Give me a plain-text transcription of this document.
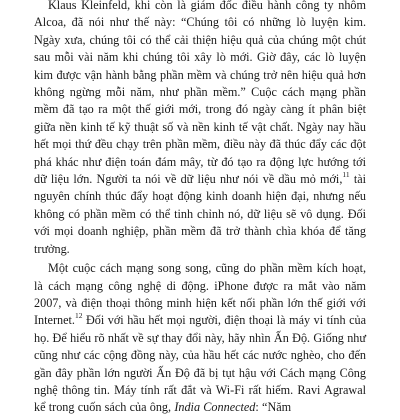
Klaus Kleinfeld, khi còn là giám đốc điều hành công ty nhôm Alcoa, đã nói như thế này: “Chúng tôi có những lò luyện kim. Ngày xưa, chúng tôi có thể cải thiện hiệu quả của chúng một chút sau mỗi vài năm khi chúng tôi xây lò mới. Giờ đây, các lò luyện kim được vận hành bằng phần mềm và chúng trở nên hiệu quả hơn không ngừng mỗi năm, như phần mềm.” Cuộc cách mạng phần mềm đã tạo ra một thế giới mới, trong đó ngày càng ít phân biệt giữa nền kinh tế kỹ thuật số và nền kinh tế vật chất. Ngày nay hầu hết mọi thứ đều chạy trên phần mềm, điều này đã thúc đẩy các đột phá khác như điện toán đám mây, từ đó tạo ra động lực hướng tới dữ liệu lớn. Người ta nói về dữ liệu như nói về dầu mỏ mới,$^{11}$ tài nguyên chính thúc đẩy hoạt động kinh doanh hiện đại, nhưng nếu không có phần mềm có thể tinh chỉnh nó, dữ liệu sẽ vô dụng. Đối với mọi doanh nghiệp, phần mềm đã trở thành chìa khóa để tăng trưởng.

Một cuộc cách mạng song song, cũng do phần mềm kích hoạt, là cách mạng công nghệ di động. iPhone được ra mắt vào năm 2007, và điện thoại thông minh hiện kết nối phần lớn thế giới với Internet.$^{12}$ Đối với hầu hết mọi người, điện thoại là máy vi tính của họ. Để hiểu rõ nhất về sự thay đổi này, hãy nhìn Ấn Độ. Giống như cũng như các cộng đồng này, của hầu hết các nước nghèo, cho đến gần đây phần lớn người Ấn Độ đã bị tụt hậu với Cách mạng Công nghệ thông tin. Máy tính rất đắt và Wi-Fi rất hiếm. Ravi Agrawal kể trong cuốn sách của ông, India Connected: “Năm
